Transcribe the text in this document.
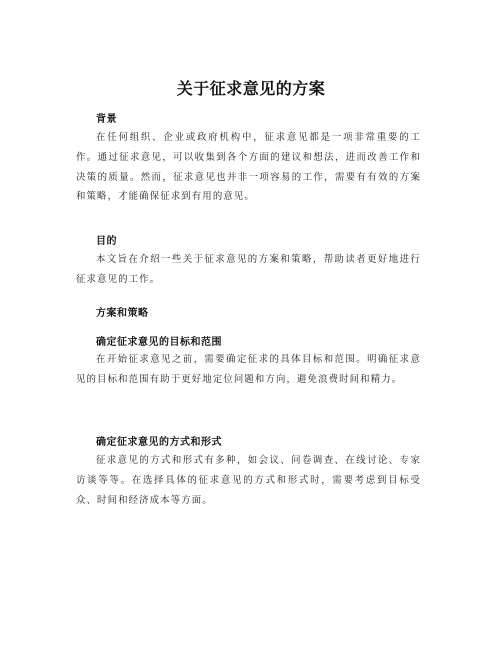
关于征求意见的方案
背景
在任何组织、企业或政府机构中，征求意见都是一项非常重要的工作。通过征求意见，可以收集到各个方面的建议和想法，进而改善工作和决策的质量。然而，征求意见也并非一项容易的工作，需要有有效的方案和策略，才能确保征求到有用的意见。
目的
本文旨在介绍一些关于征求意见的方案和策略，帮助读者更好地进行征求意见的工作。
方案和策略
确定征求意见的目标和范围
在开始征求意见之前，需要确定征求的具体目标和范围。明确征求意见的目标和范围有助于更好地定位问题和方向，避免浪费时间和精力。
确定征求意见的方式和形式
征求意见的方式和形式有多种，如会议、问卷调查、在线讨论、专家访谈等等。在选择具体的征求意见的方式和形式时，需要考虑到目标受众、时间和经济成本等方面。
